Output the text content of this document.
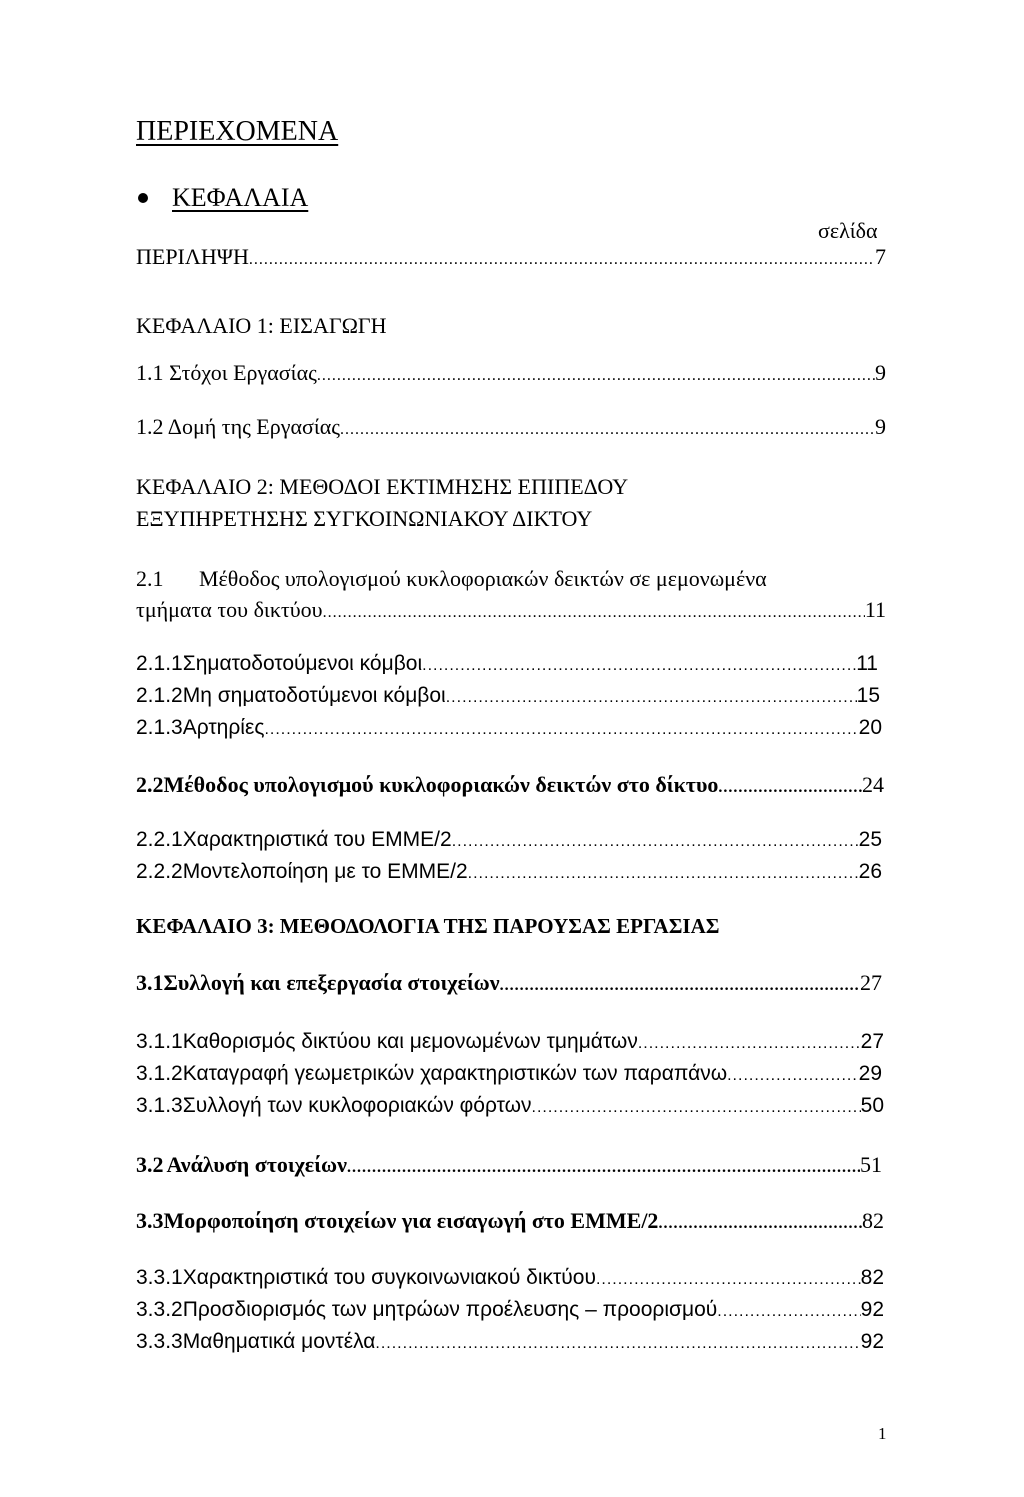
ΠΕΡΙΕΧΟΜΕΝΑ
ΚΕΦΑΛΑΙΑ
σελίδα
ΠΕΡΙΛΗΨΗ .....	7
ΚΕΦΑΛΑΙΟ 1: ΕΙΣΑΓΩΓΗ
1.1 Στόχοι Εργασίας .....	9
1.2 Δομή της Εργασίας .....	9
ΚΕΦΑΛΑΙΟ 2: ΜΕΘΟΔΟΙ ΕΚΤΙΜΗΣΗΣ ΕΠΙΠΕΔΟΥ
ΕΞΥΠΗΡΕΤΗΣΗΣ ΣΥΓΚΟΙΝΩΝΙΑΚΟΥ ΔΙΚΤΟΥ
2.1 Μέθοδος υπολογισμού κυκλοφοριακών δεικτών σε μεμονωμένα
τμήματα του δικτύου .....	11
2.1.1 Σηματοδοτούμενοι κόμβοι .....	11
2.1.2 Μη σηματοδοτύμενοι κόμβοι .....	15
2.1.3 Αρτηρίες .....	20
2.2 Μέθοδος υπολογισμού κυκλοφοριακών δεικτών στο δίκτυο .....	24
2.2.1 Χαρακτηριστικά του EMME/2 .....	25
2.2.2 Μοντελοποίηση με το EMME/2 .....	26
ΚΕΦΑΛΑΙΟ 3: ΜΕΘΟΔΟΛΟΓΙΑ ΤΗΣ ΠΑΡΟΥΣΑΣ ΕΡΓΑΣΙΑΣ
3.1 Συλλογή και επεξεργασία στοιχείων .....	27
3.1.1 Καθορισμός δικτύου και μεμονωμένων τμημάτων .....	27
3.1.2 Καταγραφή γεωμετρικών χαρακτηριστικών των παραπάνω .....	29
3.1.3 Συλλογή των κυκλοφοριακών φόρτων .....	50
3.2 Ανάλυση στοιχείων .....	51
3.3 Μορφοποίηση στοιχείων για εισαγωγή στο EMME/2 .....	82
3.3.1 Χαρακτηριστικά του συγκοινωνιακού δικτύου .....	82
3.3.2 Προσδιορισμός των μητρώων προέλευσης – προορισμού .....	92
3.3.3 Μαθηματικά μοντέλα .....	92
1
